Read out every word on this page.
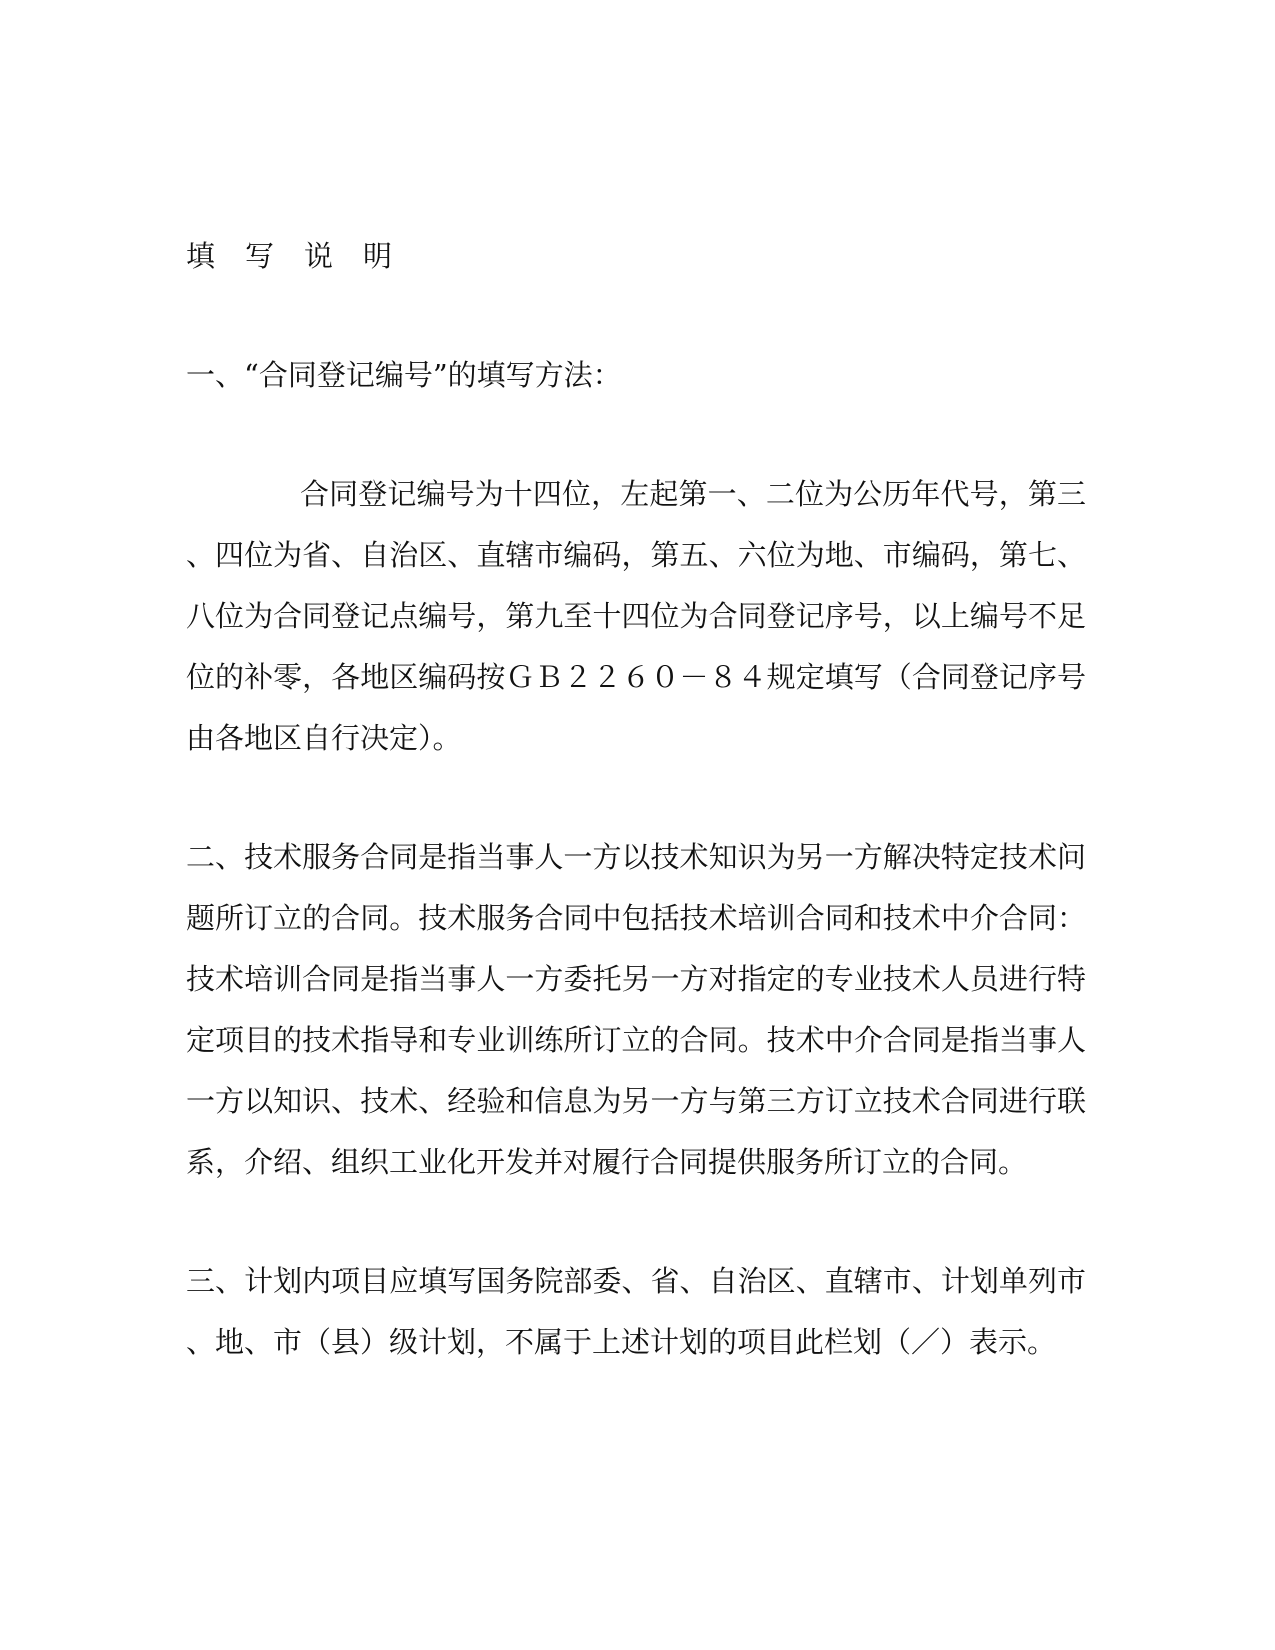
填写说明
一、“合同登记编号”的填写方法：
合同登记编号为十四位，左起第一、二位为公历年代号，第三
、四位为省、自治区、直辖市编码，第五、六位为地、市编码，第七、
八位为合同登记点编号，第九至十四位为合同登记序号，以上编号不足
位的补零，各地区编码按ＧＢ２２６０－８４规定填写（合同登记序号
由各地区自行决定）。
二、技术服务合同是指当事人一方以技术知识为另一方解决特定技术问
题所订立的合同。技术服务合同中包括技术培训合同和技术中介合同：
技术培训合同是指当事人一方委托另一方对指定的专业技术人员进行特
定项目的技术指导和专业训练所订立的合同。技术中介合同是指当事人
一方以知识、技术、经验和信息为另一方与第三方订立技术合同进行联
系，介绍、组织工业化开发并对履行合同提供服务所订立的合同。
三、计划内项目应填写国务院部委、省、自治区、直辖市、计划单列市
、地、市（县）级计划，不属于上述计划的项目此栏划（／）表示。
